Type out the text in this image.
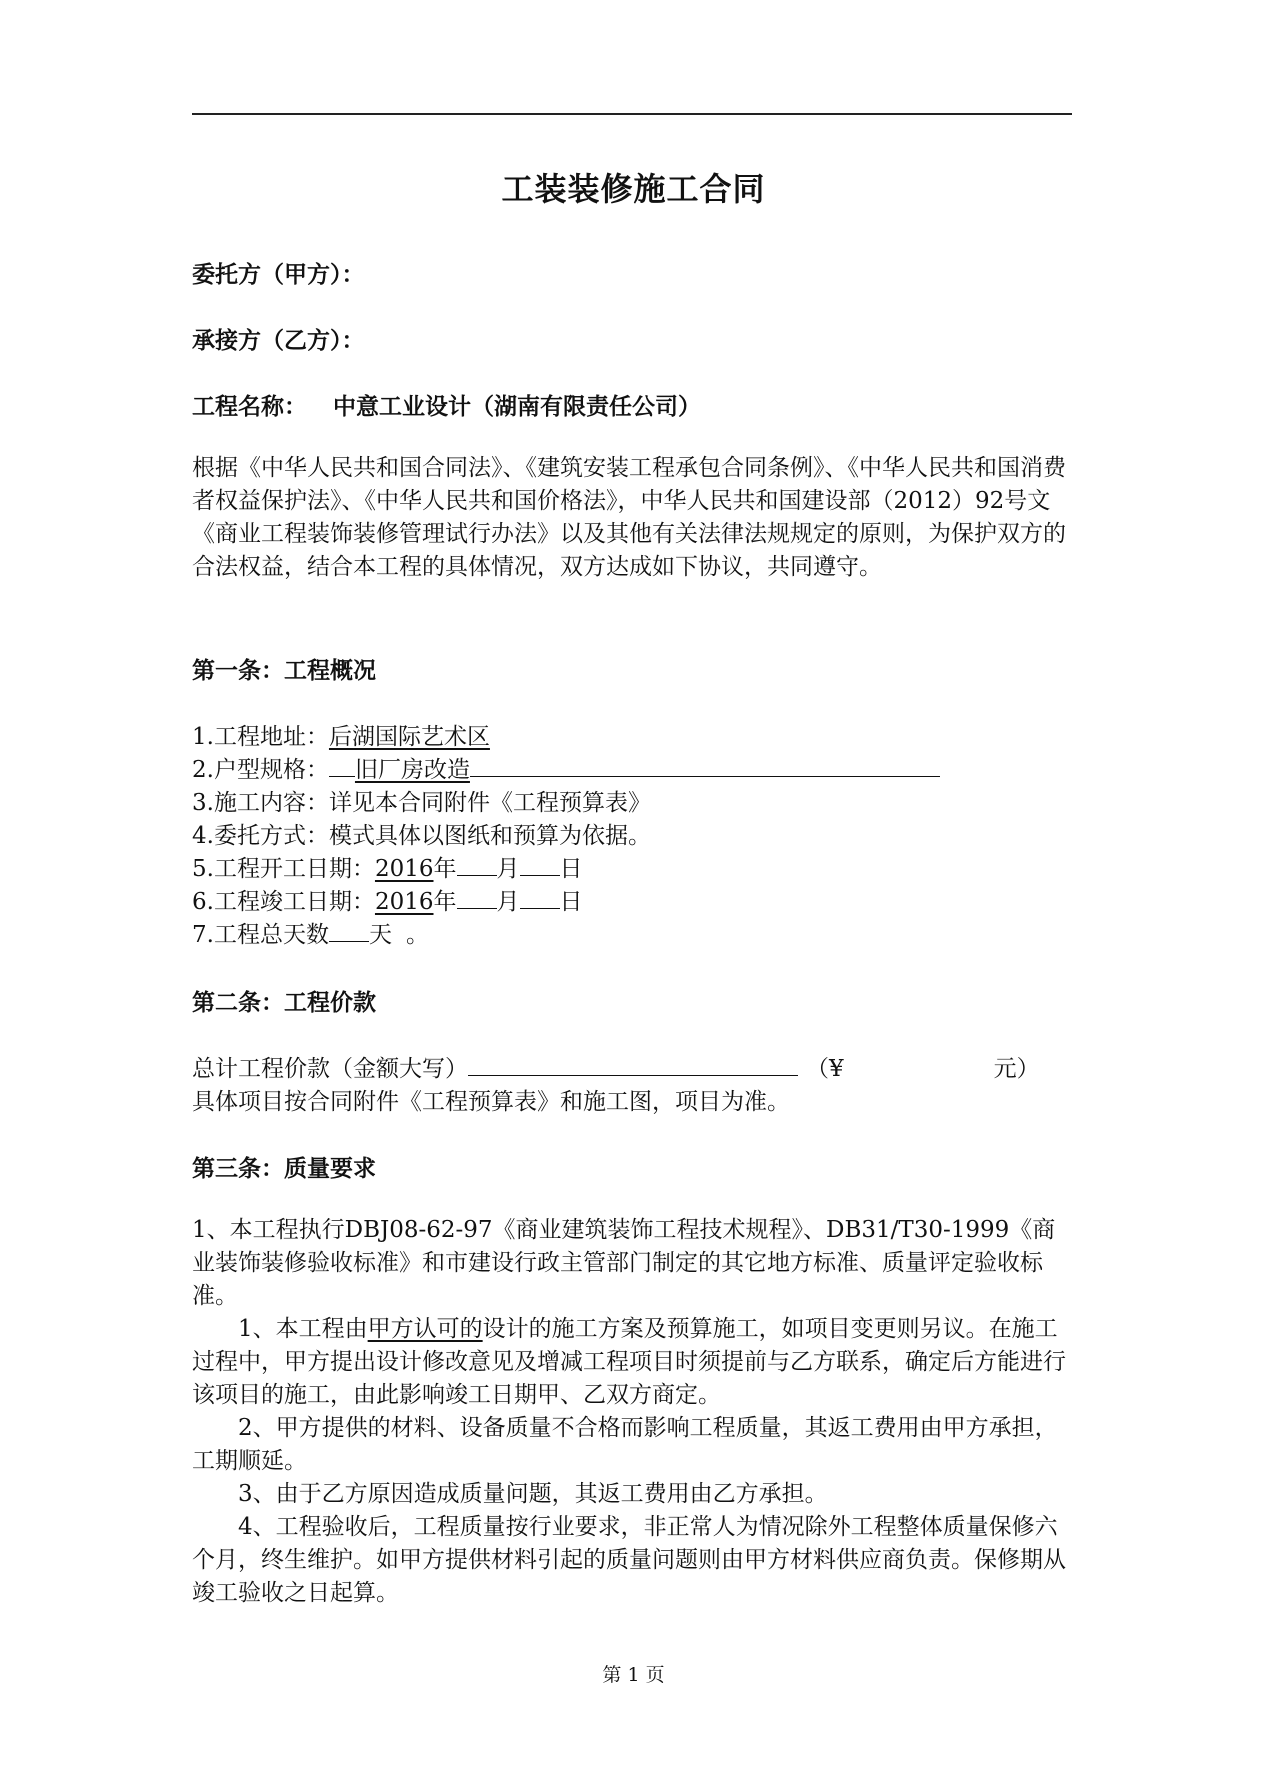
工装装修施工合同
委托方（甲方）：
承接方（乙方）：
工程名称： 中意工业设计（湖南有限责任公司）
根据《中华人民共和国合同法》、《建筑安装工程承包合同条例》、《中华人民共和国消费者权益保护法》、《中华人民共和国价格法》，中华人民共和国建设部（2012）92号文《商业工程装饰装修管理试行办法》以及其他有关法律法规规定的原则，为保护双方的合法权益，结合本工程的具体情况，双方达成如下协议，共同遵守。
第一条：工程概况
1.工程地址：后湖国际艺术区
2.户型规格： 旧厂房改造
3.施工内容：详见本合同附件《工程预算表》
4.委托方式：模式具体以图纸和预算为依据。
5.工程开工日期：2016年 月 日
6.工程竣工日期：2016年 月 日
7.工程总天数 天 。
第二条：工程价款
总计工程价款（金额大写）	（¥	元）
具体项目按合同附件《工程预算表》和施工图，项目为准。
第三条：质量要求
1、本工程执行DBJ08-62-97《商业建筑装饰工程技术规程》、DB31/T30-1999《商业装饰装修验收标准》和市建设行政主管部门制定的其它地方标准、质量评定验收标准。
1、本工程由甲方认可的设计的施工方案及预算施工，如项目变更则另议。在施工过程中，甲方提出设计修改意见及增减工程项目时须提前与乙方联系，确定后方能进行该项目的施工，由此影响竣工日期甲、乙双方商定。
2、甲方提供的材料、设备质量不合格而影响工程质量，其返工费用由甲方承担，工期顺延。
3、由于乙方原因造成质量问题，其返工费用由乙方承担。
4、工程验收后，工程质量按行业要求，非正常人为情况除外工程整体质量保修六个月，终生维护。如甲方提供材料引起的质量问题则由甲方材料供应商负责。保修期从竣工验收之日起算。
第 1 页
